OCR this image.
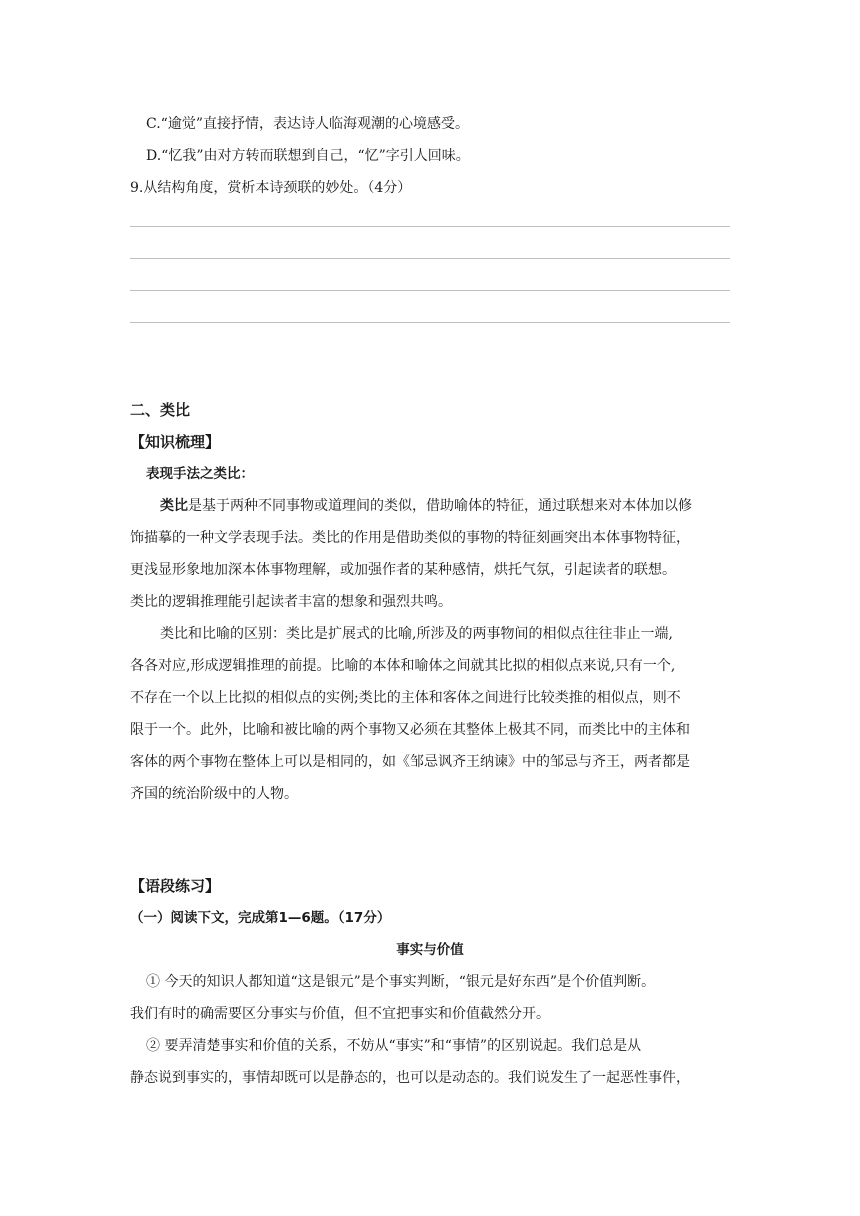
C.“逾觉”直接抒情，表达诗人临海观潮的心境感受。
D.“忆我”由对方转而联想到自己，“忆”字引人回味。
9.从结构角度，赏析本诗颈联的妙处。（4分）
二、类比
【知识梳理】
表现手法之类比：
类比是基于两种不同事物或道理间的类似，借助喻体的特征，通过联想来对本体加以修
饰描摹的一种文学表现手法。类比的作用是借助类似的事物的特征刻画突出本体事物特征，
更浅显形象地加深本体事物理解，或加强作者的某种感情，烘托气氛，引起读者的联想。
类比的逻辑推理能引起读者丰富的想象和强烈共鸣。
类比和比喻的区别：类比是扩展式的比喻,所涉及的两事物间的相似点往往非止一端,
各各对应,形成逻辑推理的前提。比喻的本体和喻体之间就其比拟的相似点来说,只有一个,
不存在一个以上比拟的相似点的实例;类比的主体和客体之间进行比较类推的相似点，则不
限于一个。此外，比喻和被比喻的两个事物又必须在其整体上极其不同，而类比中的主体和
客体的两个事物在整体上可以是相同的，如《邹忌讽齐王纳谏》中的邹忌与齐王，两者都是
齐国的统治阶级中的人物。
【语段练习】
（一）阅读下文，完成第1—6题。（17分）
事实与价值
① 今天的知识人都知道“这是银元”是个事实判断，“银元是好东西”是个价值判断。
我们有时的确需要区分事实与价值，但不宜把事实和价值截然分开。
② 要弄清楚事实和价值的关系，不妨从“事实”和“事情”的区别说起。我们总是从
静态说到事实的，事情却既可以是静态的，也可以是动态的。我们说发生了一起恶性事件，
